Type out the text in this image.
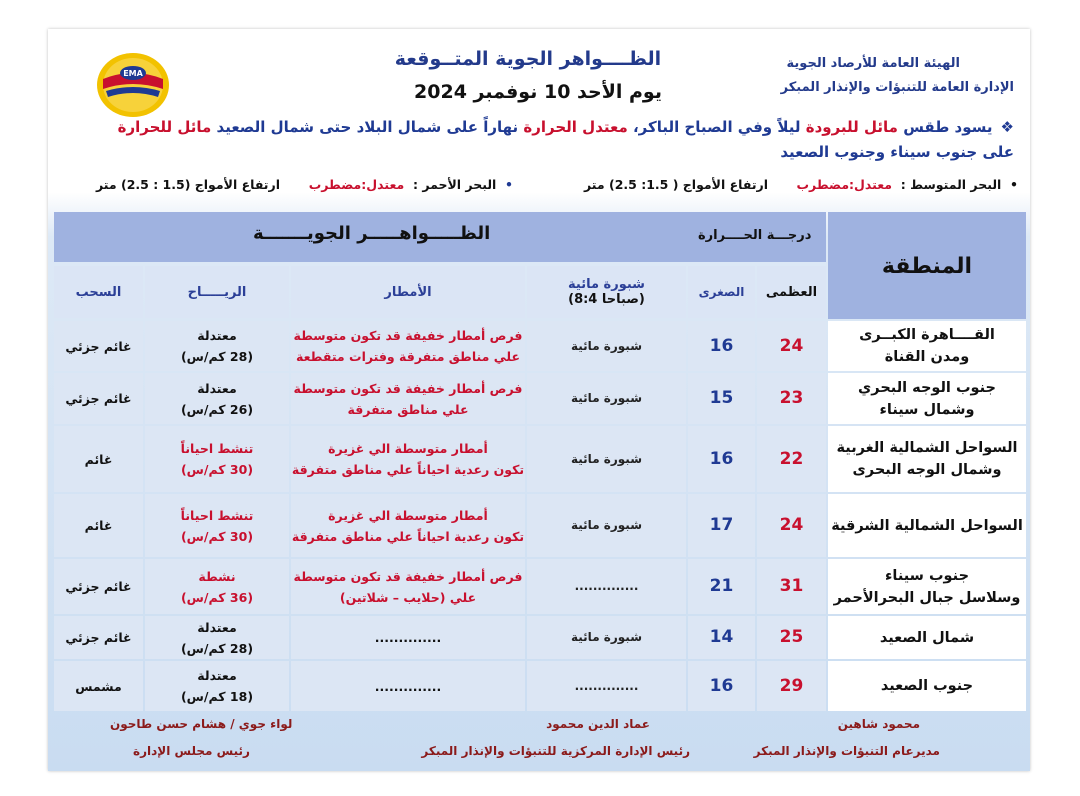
EMA
الهيئة العامة للأرصاد الجوية
الإدارة العامة للتنبؤات والإنذار المبكر
الظــــواهر الجوية المتــوقعة
يوم الأحد 10 نوفمبر 2024
❖يسود طقس مائل للبرودة ليلاً وفي الصباح الباكر، معتدل الحرارة نهاراً على شمال البلاد حتى شمال الصعيد مائل للحرارة على جنوب سيناء وجنوب الصعيد
•  البحر المتوسط :  معتدل:مضطرب
ارتفاع الأمواج ( 1.5: 2.5) متر
•  البحر الأحمر :  معتدل:مضطرب
ارتفاع الأمواج (1.5 : 2.5) متر
المنطقة
الظـــــواهـــــر الجويـــــــة	درجـــة الحــــرارة
العظمى
الصغرى
شبورة مائية
(8:4 صباحا)
الأمطار
الريـــــاح
السحب
القــــاهرة الكبــرى
ومدن القناة
24
16
شبورة مائية
فرص أمطار خفيفة قد تكون متوسطة
علي مناطق متفرقة وفترات متقطعة
معتدلة
(28 كم/س)
غائم جزئي
جنوب الوجه البحري
وشمال سيناء
23
15
شبورة مائية
فرص أمطار خفيفة قد تكون متوسطة
علي مناطق متفرقة
معتدلة
(26 كم/س)
غائم جزئي
السواحل الشمالية الغربية
وشمال الوجه البحرى
22
16
شبورة مائية
أمطار متوسطة الي غزيرة
تكون رعدية احياناً علي مناطق متفرقة
تنشط احياناً
(30 كم/س)
غائم
السواحل الشمالية الشرقية
24
17
شبورة مائية
أمطار متوسطة الي غزيرة
تكون رعدية احياناً علي مناطق متفرقة
تنشط احياناً
(30 كم/س)
غائم
جنوب سيناء
وسلاسل جبال البحرالأحمر
31
21
..............
فرص أمطار خفيفة قد تكون متوسطة
علي (حلايب – شلاتين)
نشطة
(36 كم/س)
غائم جزئي
شمال الصعيد
25
14
شبورة مائية
..............
معتدلة
(28 كم/س)
غائم جزئي
جنوب الصعيد
29
16
..............
..............
معتدلة
(18 كم/س)
مشمس
محمود شاهين
مديرعام التنبؤات والإنذار المبكر
عماد الدين محمود
رئيس الإدارة المركزية للتنبؤات والإنذار المبكر
لواء جوي / هشام حسن طاحون
رئيس مجلس الإدارة
